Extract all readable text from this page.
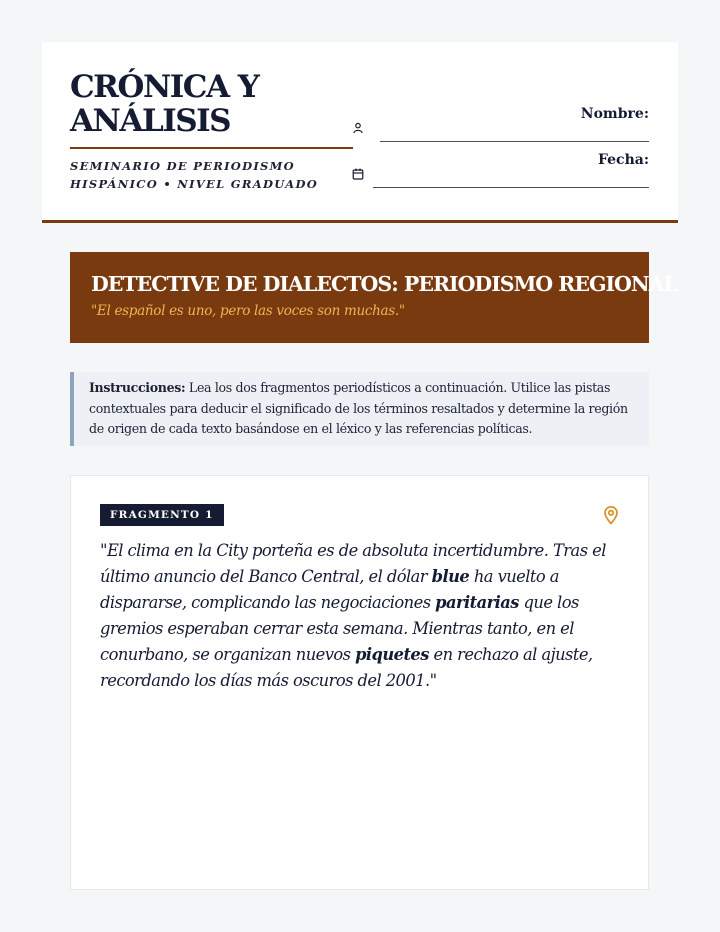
CRÓNICA Y ANÁLISIS
SEMINARIO DE PERIODISMO HISPÁNICO • NIVEL GRADUADO
Nombre:
Fecha:
DETECTIVE DE DIALECTOS: PERIODISMO REGIONAL
"El español es uno, pero las voces son muchas."
Instrucciones: Lea los dos fragmentos periodísticos a continuación. Utilice las pistas contextuales para deducir el significado de los términos resaltados y determine la región de origen de cada texto basándose en el léxico y las referencias políticas.
FRAGMENTO 1

"El clima en la City porteña es de absoluta incertidumbre. Tras el último anuncio del Banco Central, el dólar blue ha vuelto a dispararse, complicando las negociaciones paritarias que los gremios esperaban cerrar esta semana. Mientras tanto, en el conurbano, se organizan nuevos piquetes en rechazo al ajuste, recordando los días más oscuros del 2001."
